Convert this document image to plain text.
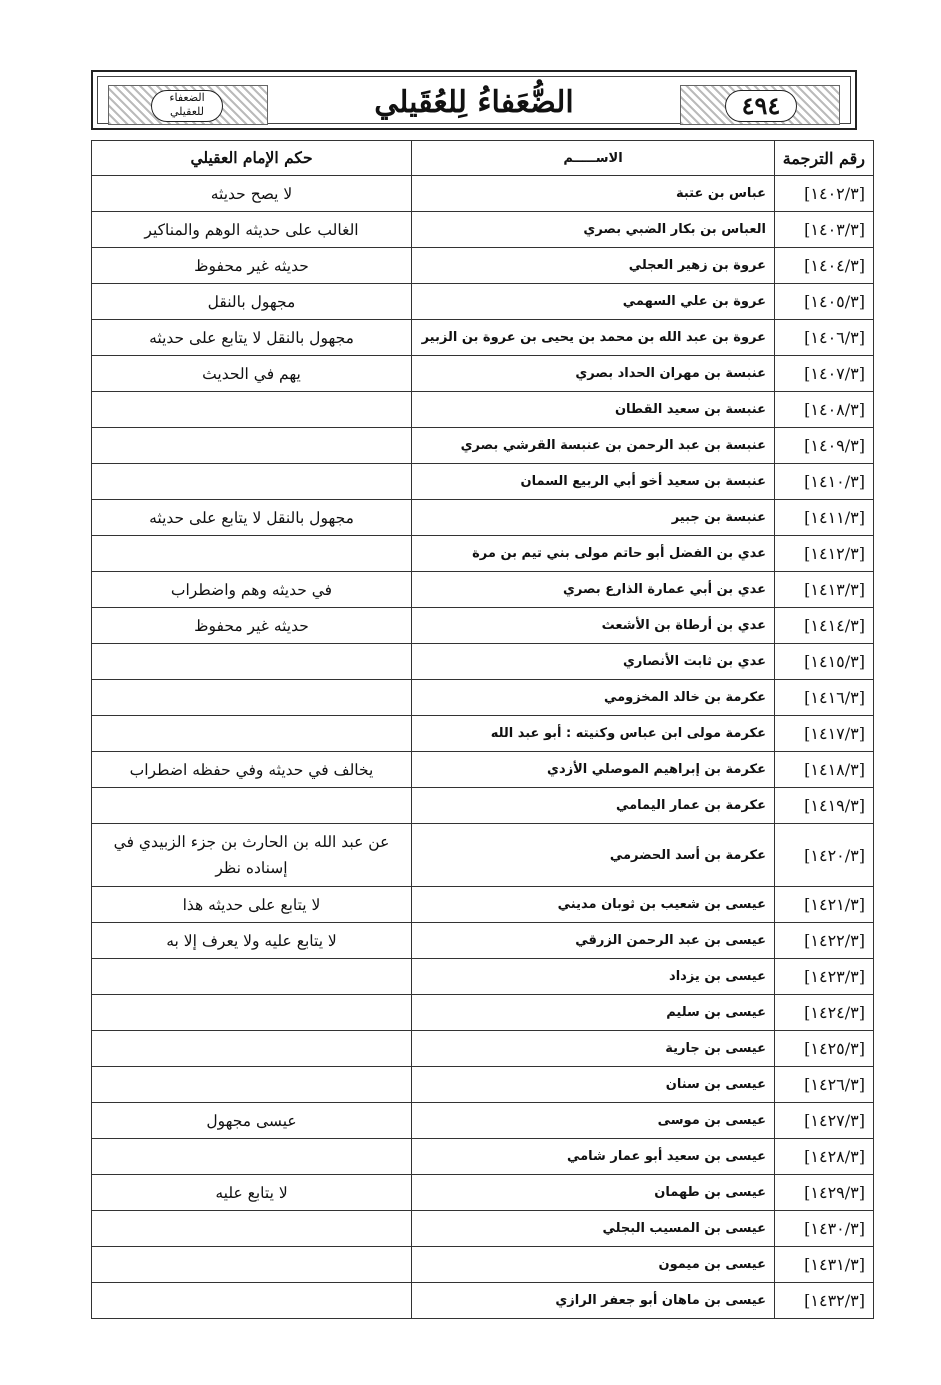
الضعفاء
للعقيلي	٤٩٤
الضُّعَفاءُ لِلعُقَيلي
رقم الترجمة	الاســـــم	حكم الإمام العقيلي
[١٤٠٢/٣]	عباس بن عتبة	لا يصح حديثه
[١٤٠٣/٣]	العباس بن بكار الضبي بصري	الغالب على حديثه الوهم والمناكير
[١٤٠٤/٣]	عروة بن زهير العجلي	حديثه غير محفوظ
[١٤٠٥/٣]	عروة بن علي السهمي	مجهول بالنقل
[١٤٠٦/٣]	عروة بن عبد الله بن محمد بن يحيى بن عروة بن الزبير	مجهول بالنقل لا يتابع على حديثه
[١٤٠٧/٣]	عنبسة بن مهران الحداد بصري	يهم في الحديث
[١٤٠٨/٣]	عنبسة بن سعيد القطان	
[١٤٠٩/٣]	عنبسة بن عبد الرحمن بن عنبسة القرشي بصري	
[١٤١٠/٣]	عنبسة بن سعيد أخو أبي الربيع السمان	
[١٤١١/٣]	عنبسة بن جبير	مجهول بالنقل لا يتابع على حديثه
[١٤١٢/٣]	عدي بن الفضل أبو حاتم مولى بني تيم بن مرة	
[١٤١٣/٣]	عدي بن أبي عمارة الذارع بصري	في حديثه وهم واضطراب
[١٤١٤/٣]	عدي بن أرطاة بن الأشعث	حديثه غير محفوظ
[١٤١٥/٣]	عدي بن ثابت الأنصاري	
[١٤١٦/٣]	عكرمة بن خالد المخزومي	
[١٤١٧/٣]	عكرمة مولى ابن عباس وكنيته : أبو عبد الله	
[١٤١٨/٣]	عكرمة بن إبراهيم الموصلي الأزدي	يخالف في حديثه وفي حفظه اضطراب
[١٤١٩/٣]	عكرمة بن عمار اليمامي	
[١٤٢٠/٣]	عكرمة بن أسد الحضرمي	عن عبد الله بن الحارث بن جزء الزبيدي في إسناده نظر
[١٤٢١/٣]	عيسى بن شعيب بن ثوبان مديني	لا يتابع على حديثه هذا
[١٤٢٢/٣]	عيسى بن عبد الرحمن الزرقي	لا يتابع عليه ولا يعرف إلا به
[١٤٢٣/٣]	عيسى بن يزداد	
[١٤٢٤/٣]	عيسى بن سليم	
[١٤٢٥/٣]	عيسى بن جارية	
[١٤٢٦/٣]	عيسى بن سنان	
[١٤٢٧/٣]	عيسى بن موسى	عيسى مجهول
[١٤٢٨/٣]	عيسى بن سعيد أبو عمار شامي	
[١٤٢٩/٣]	عيسى بن طهمان	لا يتابع عليه
[١٤٣٠/٣]	عيسى بن المسيب البجلي	
[١٤٣١/٣]	عيسى بن ميمون	
[١٤٣٢/٣]	عيسى بن ماهان أبو جعفر الرازي	
